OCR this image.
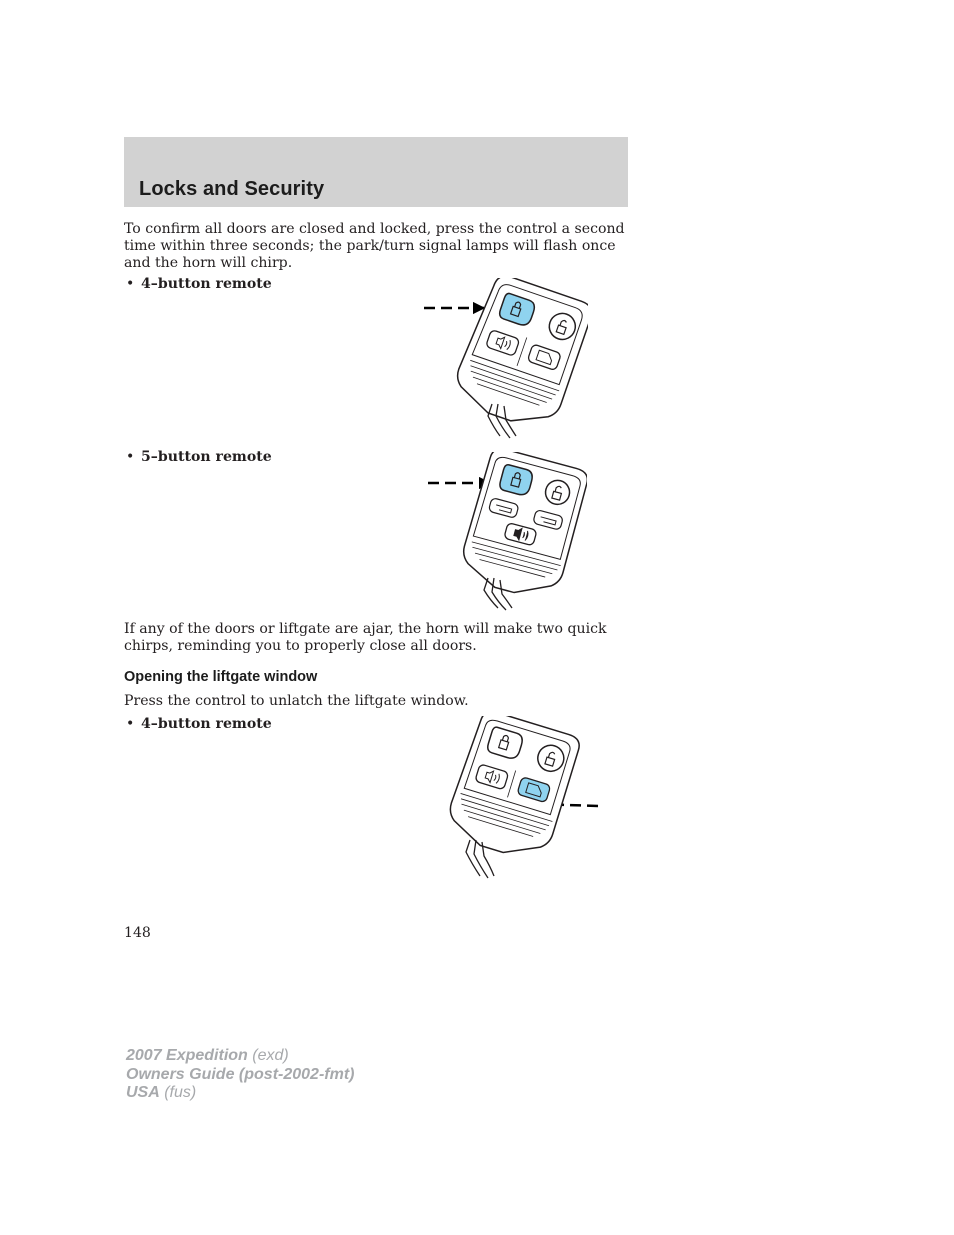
Locks and Security

To confirm all doors are closed and locked, press the control a second time within three seconds; the park/turn signal lamps will flash once and the horn will chirp.

• 4–button remote
• 5–button remote

If any of the doors or liftgate are ajar, the horn will make two quick chirps, reminding you to properly close all doors.

Opening the liftgate window

Press the control to unlatch the liftgate window.

• 4–button remote
148
2007 Expedition (exd)
Owners Guide (post-2002-fmt)
USA (fus)
